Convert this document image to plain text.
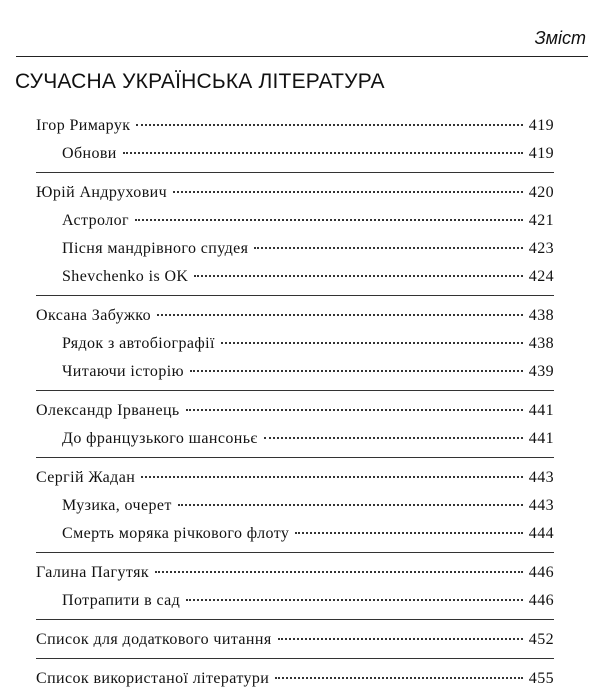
Зміст
СУЧАСНА УКРАЇНСЬКА ЛІТЕРАТУРА
Ігор Римарук	419
Обнови	419
Юрій Андрухович	420
Астролог	421
Пісня мандрівного спудея	423
Shevchenko is OK	424
Оксана Забужко	438
Рядок з автобіографії	438
Читаючи історію	439
Олександр Ірванець	441
До французького шансоньє	441
Сергій Жадан	443
Музика, очерет	443
Смерть моряка річкового флоту	444
Галина Пагутяк	446
Потрапити в сад	446
Список для додаткового читання	452
Список використаної літератури	455
